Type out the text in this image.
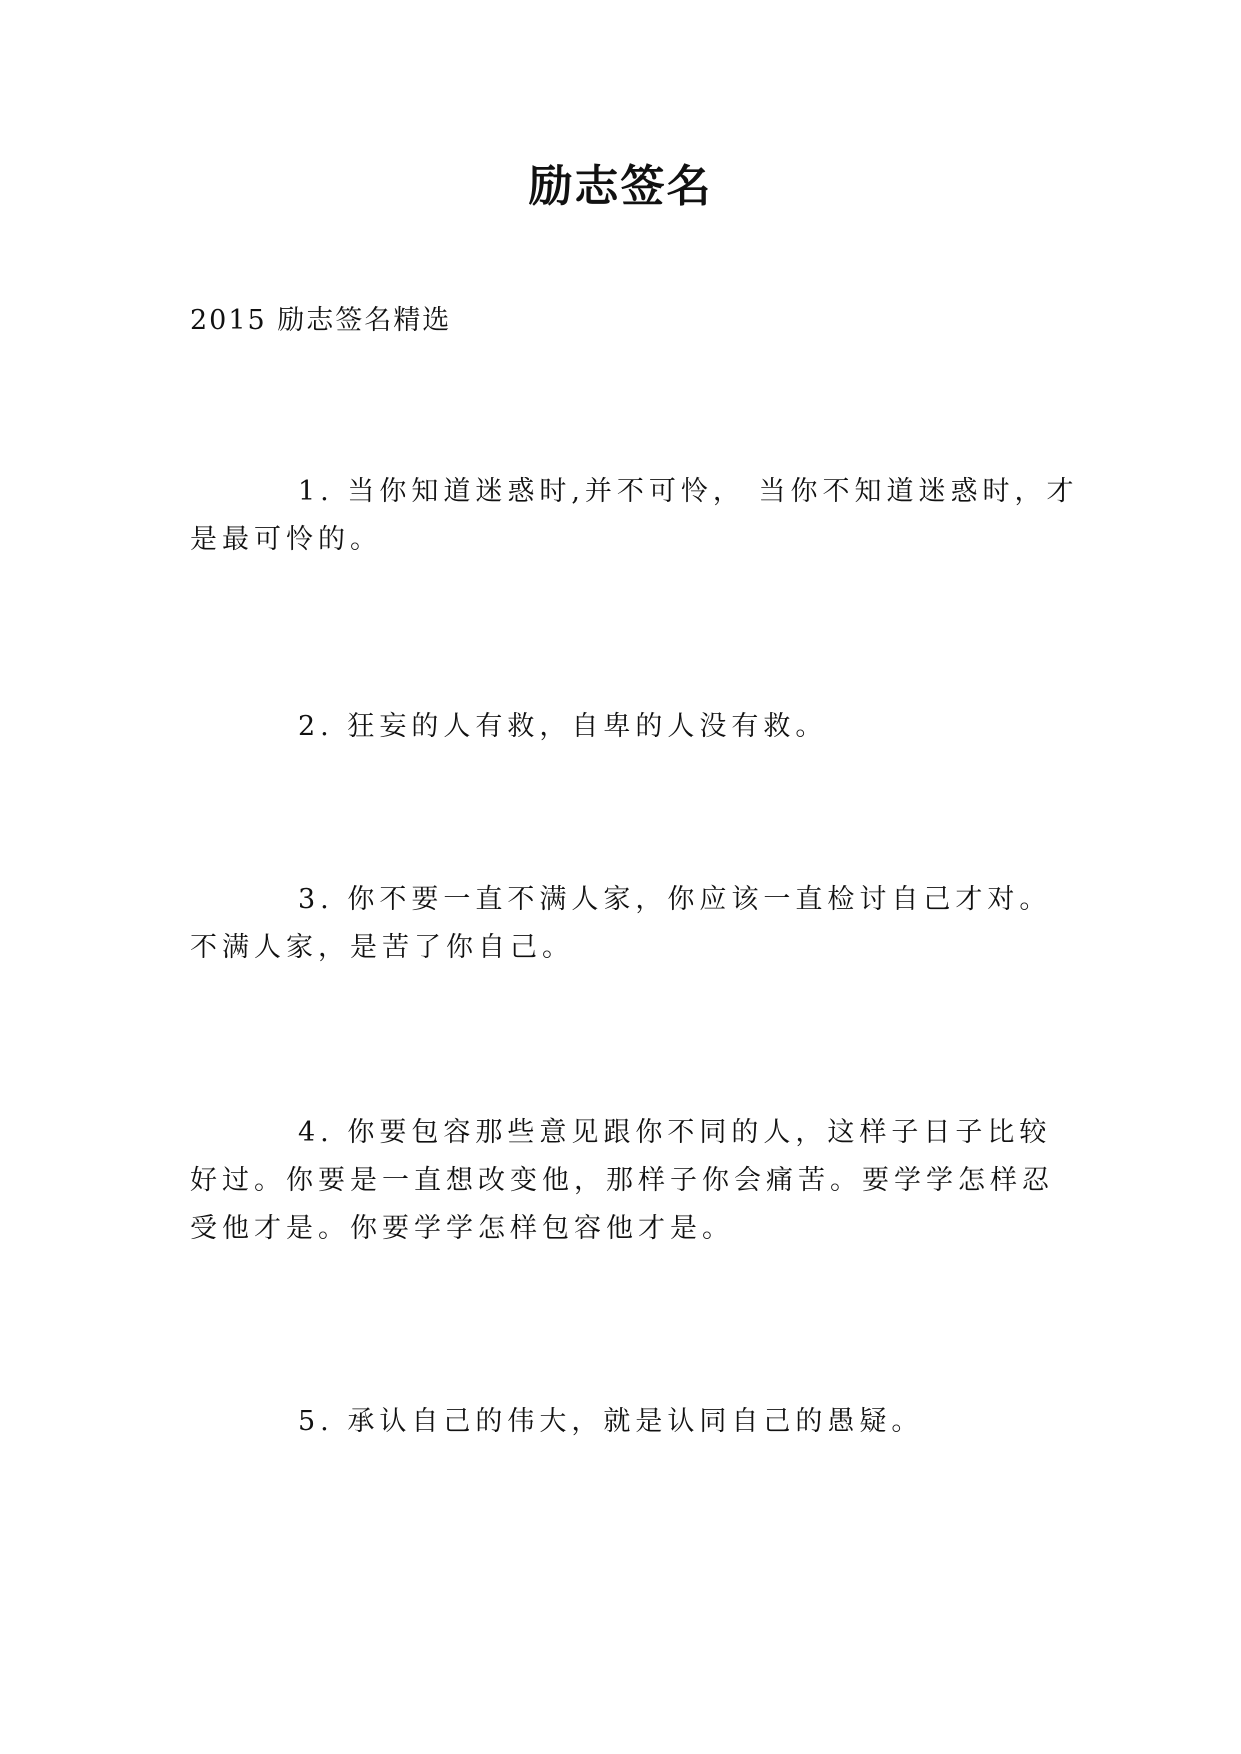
励志签名
2015 励志签名精选

1. 当你知道迷惑时,并不可怜， 当你不知道迷惑时，才是最可怜的。

2. 狂妄的人有救，自卑的人没有救。

3. 你不要一直不满人家，你应该一直检讨自己才对。不满人家，是苦了你自己。

4. 你要包容那些意见跟你不同的人，这样子日子比较好过。你要是一直想改变他，那样子你会痛苦。要学学怎样忍受他才是。你要学学怎样包容他才是。

5. 承认自己的伟大，就是认同自己的愚疑。
